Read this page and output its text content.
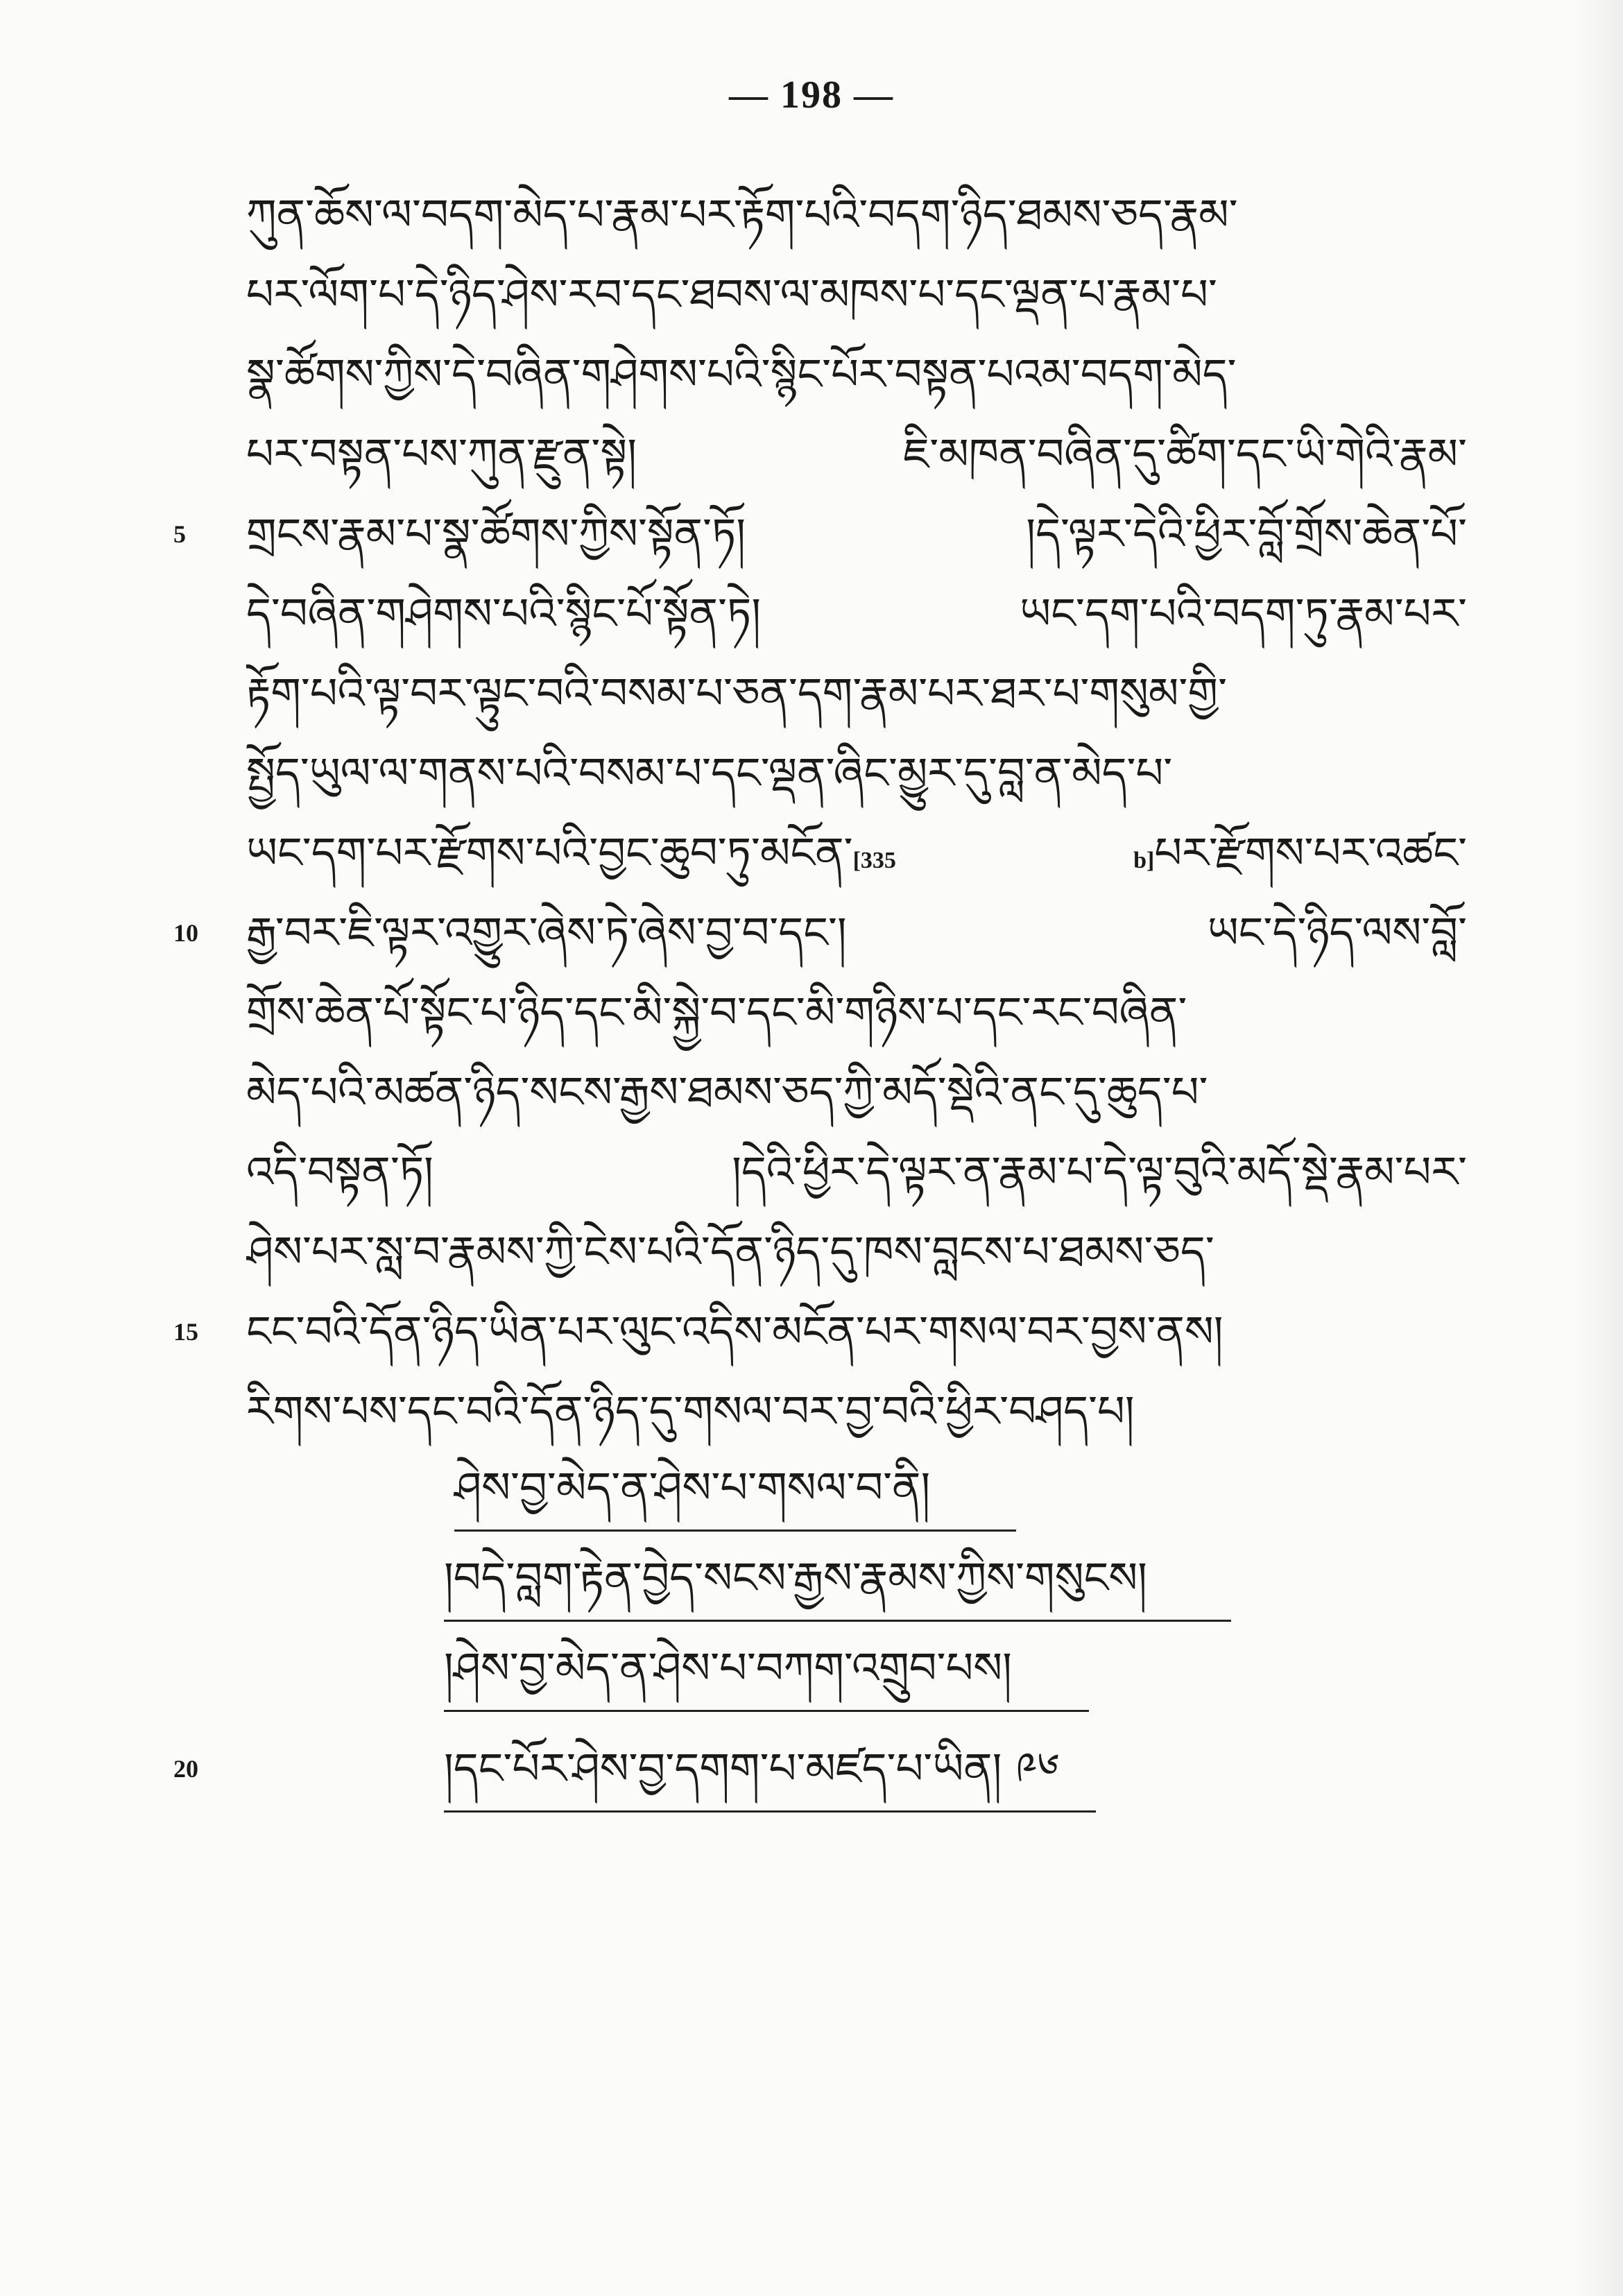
— 198 —
ཀུན་ཆོས་ལ་བདག་མེད་པ་རྣམ་པར་རྟོག་པའི་བདག་ཉིད་ཐམས་ཅད་རྣམ་
པར་ལོག་པ་དེ་ཉིད་ཤེས་རབ་དང་ཐབས་ལ་མཁས་པ་དང་ལྡན་པ་རྣམ་པ་
སྣ་ཚོགས་ཀྱིས་དེ་བཞིན་གཤེགས་པའི་སྙིང་པོར་བསྟན་པའམ་བདག་མེད་
པར་བསྟན་པས་ཀུན་རྫུན་སྟེ། ཇི་མཁན་བཞིན་དུ་ཚིག་དང་ཡི་གེའི་རྣམ་
5	གྲངས་རྣམ་པ་སྣ་ཚོགས་ཀྱིས་སྟོན་ཏོ། །དེ་ལྟར་དེའི་ཕྱིར་བློ་གྲོས་ཆེན་པོ་
དེ་བཞིན་གཤེགས་པའི་སྙིང་པོ་སྟོན་ཏེ། ཡང་དག་པའི་བདག་ཏུ་རྣམ་པར་
རྟོག་པའི་ལྟ་བར་ལྟུང་བའི་བསམ་པ་ཅན་དག་རྣམ་པར་ཐར་པ་གསུམ་གྱི་
སྤྱོད་ཡུལ་ལ་གནས་པའི་བསམ་པ་དང་ལྡན་ཞིང་མྱུར་དུ་བླ་ན་མེད་པ་
ཡང་དག་པར་རྫོགས་པའི་བྱང་ཆུབ་ཏུ་མངོན་[335 b]པར་རྫོགས་པར་འཚང་
10	རྒྱ་བར་ཇི་ལྟར་འགྱུར་ཞེས་ཏེ་ཞེས་བྱ་བ་དང་། ཡང་དེ་ཉིད་ལས་བློ་
གྲོས་ཆེན་པོ་སྟོང་པ་ཉིད་དང་མི་སྐྱེ་བ་དང་མི་གཉིས་པ་དང་རང་བཞིན་
མེད་པའི་མཚན་ཉིད་སངས་རྒྱས་ཐམས་ཅད་ཀྱི་མདོ་སྡེའི་ནང་དུ་ཆུད་པ་
འདི་བསྟན་ཏོ། །དེའི་ཕྱིར་དེ་ལྟར་ན་རྣམ་པ་དེ་ལྟ་བུའི་མདོ་སྡེ་རྣམ་པར་
ཤེས་པར་སླ་བ་རྣམས་ཀྱི་ངེས་པའི་དོན་ཉིད་དུ་ཁས་བླངས་པ་ཐམས་ཅད་
15	ངང་བའི་དོན་ཉིད་ཡིན་པར་ལུང་འདིས་མངོན་པར་གསལ་བར་བྱས་ནས།
རིགས་པས་དང་བའི་དོན་ཉིད་དུ་གསལ་བར་བྱ་བའི་ཕྱིར་བཤད་པ།
ཤེས་བྱ་མེད་ན་ཤེས་པ་གསལ་བ་ནི།
།བདེ་བླག་རྟེན་བྱེད་སངས་རྒྱས་རྣམས་ཀྱིས་གསུངས།
།ཤེས་བྱ་མེད་ན་ཤེས་པ་བཀག་འགྲུབ་པས།
20	།དང་པོར་ཤེས་བྱ་དགག་པ་མཛད་པ་ཡིན། ༩༦
